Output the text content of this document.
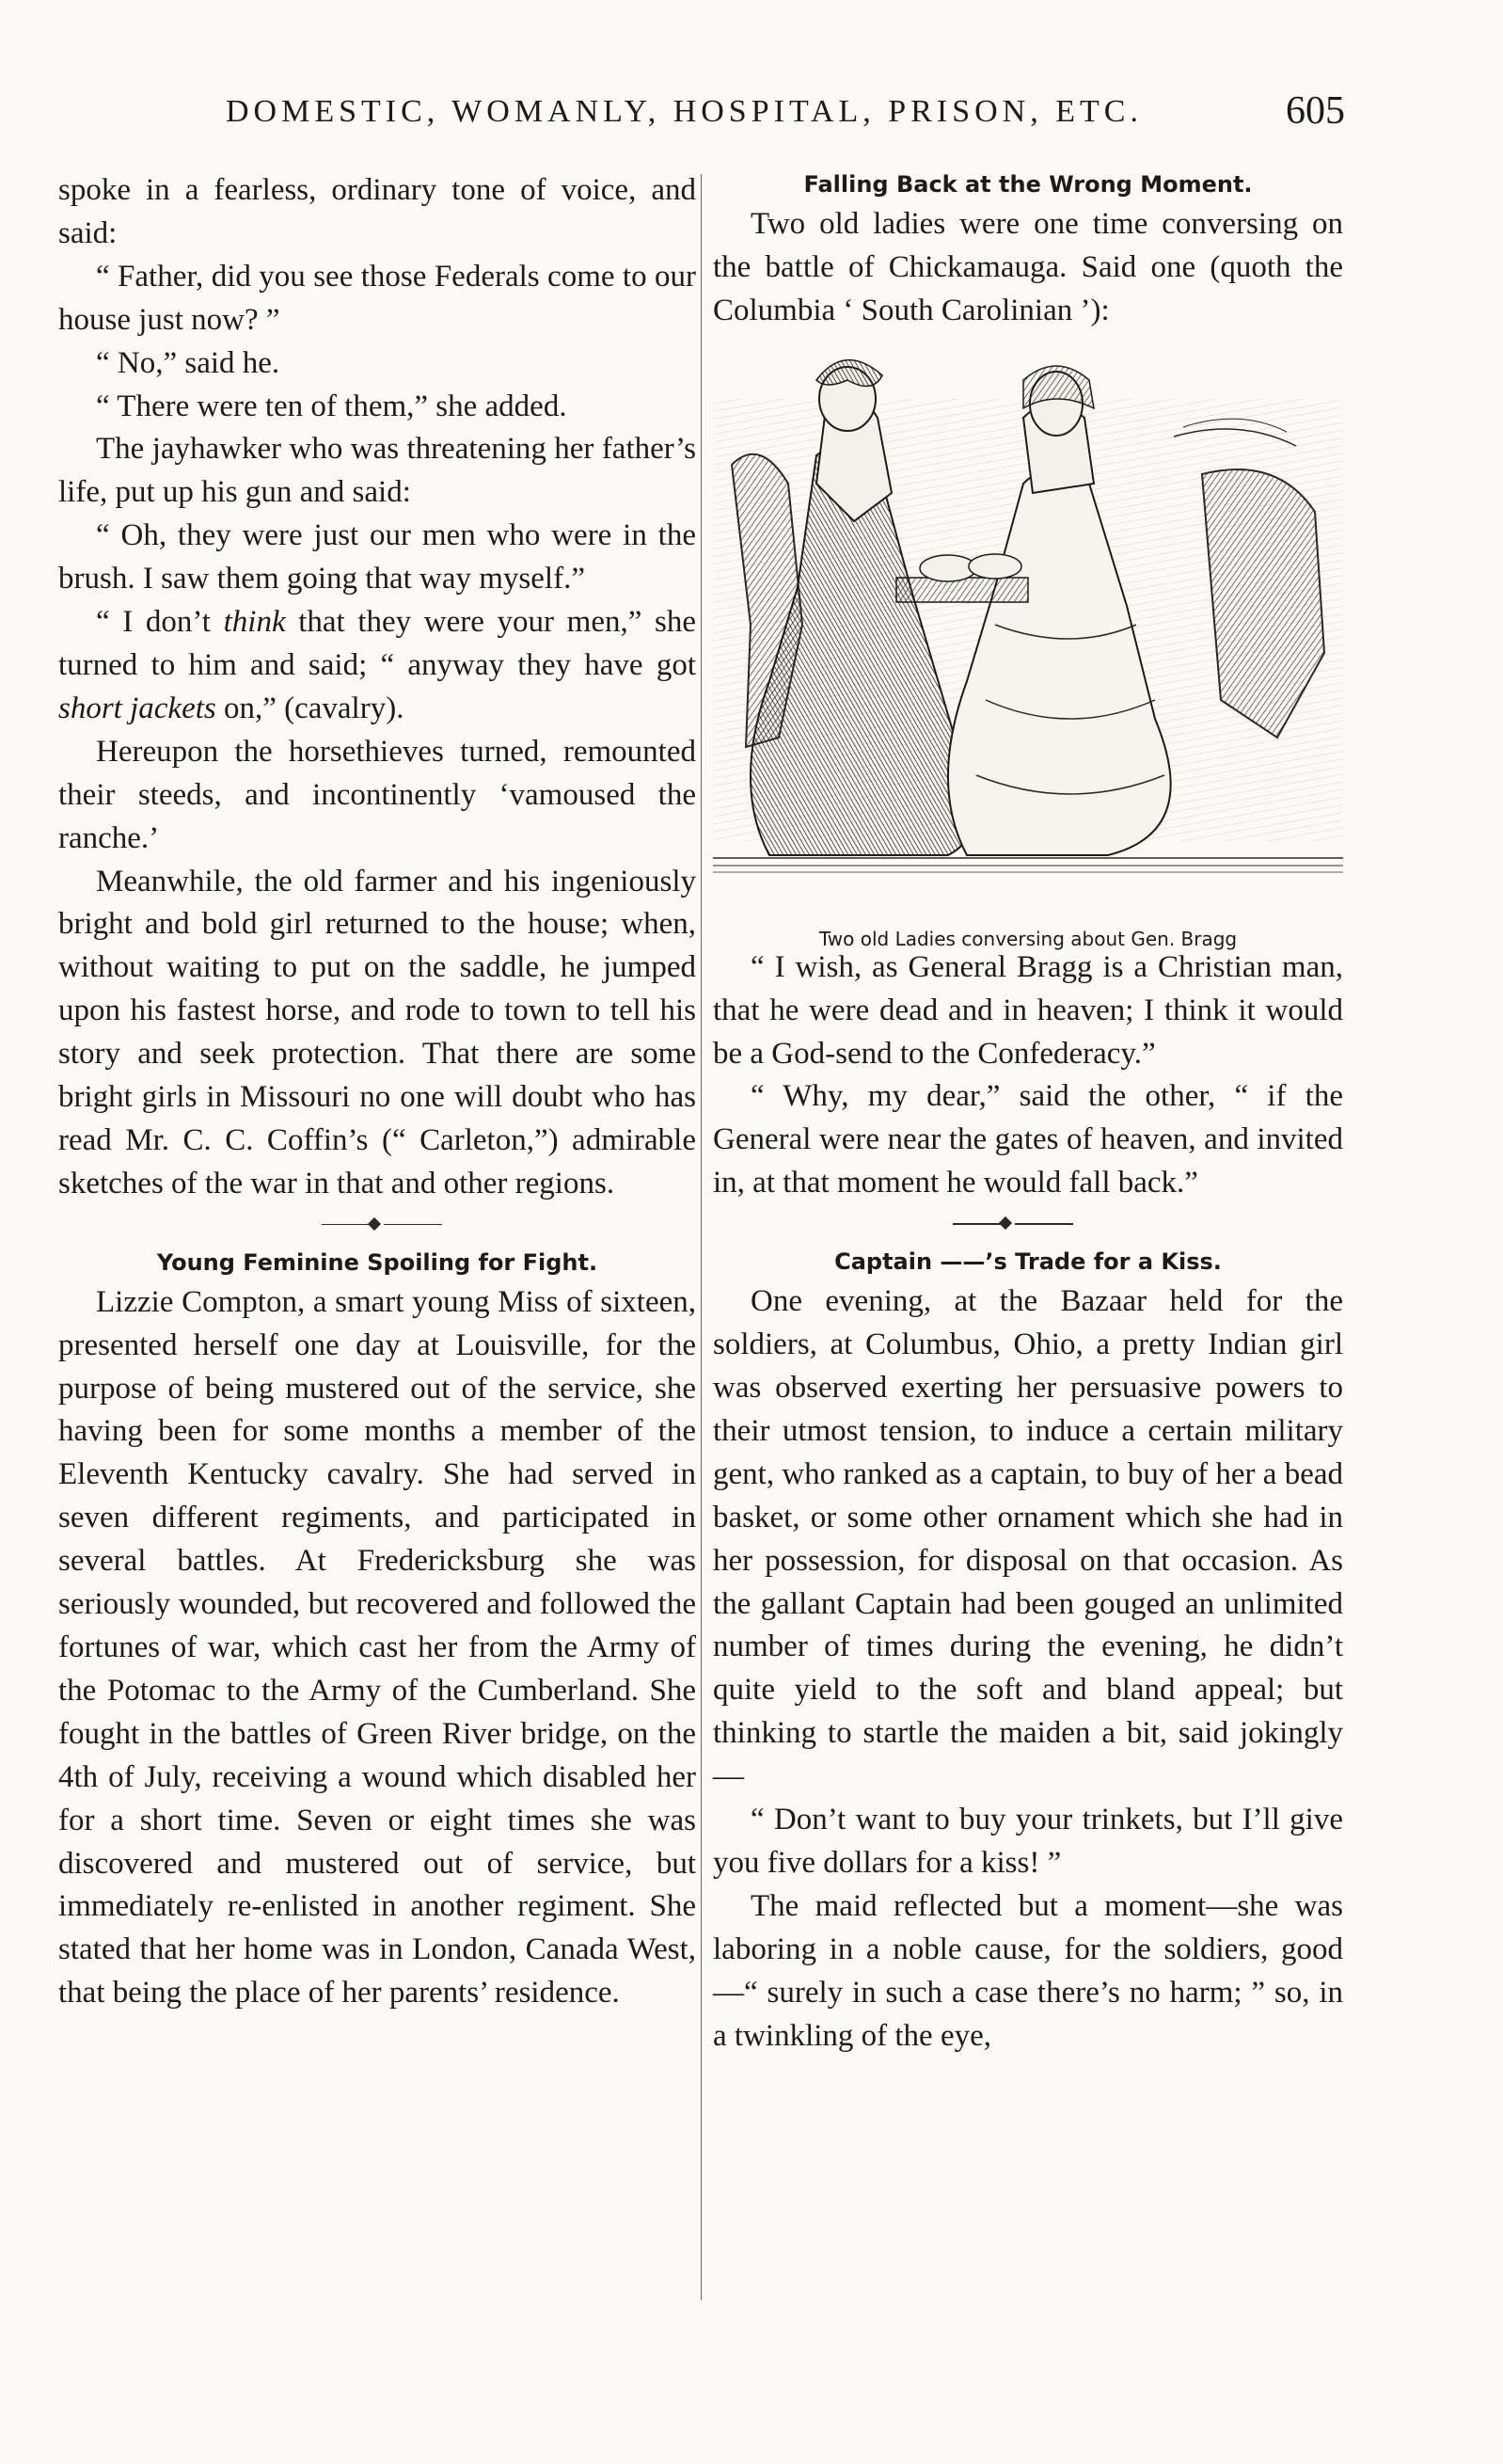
DOMESTIC, WOMANLY, HOSPITAL, PRISON, ETC.	605

spoke in a fearless, ordinary tone of voice, and said:

“ Father, did you see those Federals come to our house just now? ”

“ No,” said he.

“ There were ten of them,” she added.

The jayhawker who was threatening her father’s life, put up his gun and said:

“ Oh, they were just our men who were in the brush. I saw them going that way myself.”

“ I don’t think that they were your men,” she turned to him and said; “ anyway they have got short jackets on,” (cavalry).

Hereupon the horsethieves turned, remounted their steeds, and incontinently ‘vamoused the ranche.’

Meanwhile, the old farmer and his ingeniously bright and bold girl returned to the house; when, without waiting to put on the saddle, he jumped upon his fastest horse, and rode to town to tell his story and seek protection. That there are some bright girls in Missouri no one will doubt who has read Mr. C. C. Coffin’s (“ Carleton,”) admirable sketches of the war in that and other regions.

Young Feminine Spoiling for Fight.

Lizzie Compton, a smart young Miss of sixteen, presented herself one day at Louisville, for the purpose of being mustered out of the service, she having been for some months a member of the Eleventh Kentucky cavalry. She had served in seven different regiments, and participated in several battles. At Fredericksburg she was seriously wounded, but recovered and followed the fortunes of war, which cast her from the Army of the Potomac to the Army of the Cumberland. She fought in the battles of Green River bridge, on the 4th of July, receiving a wound which disabled her for a short time. Seven or eight times she was discovered and mustered out of service, but immediately re-enlisted in another regiment. She stated that her home was in London, Canada West, that being the place of her parents’ residence.

Falling Back at the Wrong Moment.

Two old ladies were one time conversing on the battle of Chickamauga. Said one (quoth the Columbia ‘ South Carolinian ’):

Two old Ladies conversing about Gen. Bragg

“ I wish, as General Bragg is a Christian man, that he were dead and in heaven; I think it would be a God-send to the Confederacy.”

“ Why, my dear,” said the other, “ if the General were near the gates of heaven, and invited in, at that moment he would fall back.”

Captain ——’s Trade for a Kiss.

One evening, at the Bazaar held for the soldiers, at Columbus, Ohio, a pretty Indian girl was observed exerting her persuasive powers to their utmost tension, to induce a certain military gent, who ranked as a captain, to buy of her a bead basket, or some other ornament which she had in her possession, for disposal on that occasion. As the gallant Captain had been gouged an unlimited number of times during the evening, he didn’t quite yield to the soft and bland appeal; but thinking to startle the maiden a bit, said jokingly—

“ Don’t want to buy your trinkets, but I’ll give you five dollars for a kiss! ”

The maid reflected but a moment—she was laboring in a noble cause, for the soldiers, good—“ surely in such a case there’s no harm; ” so, in a twinkling of the eye,
